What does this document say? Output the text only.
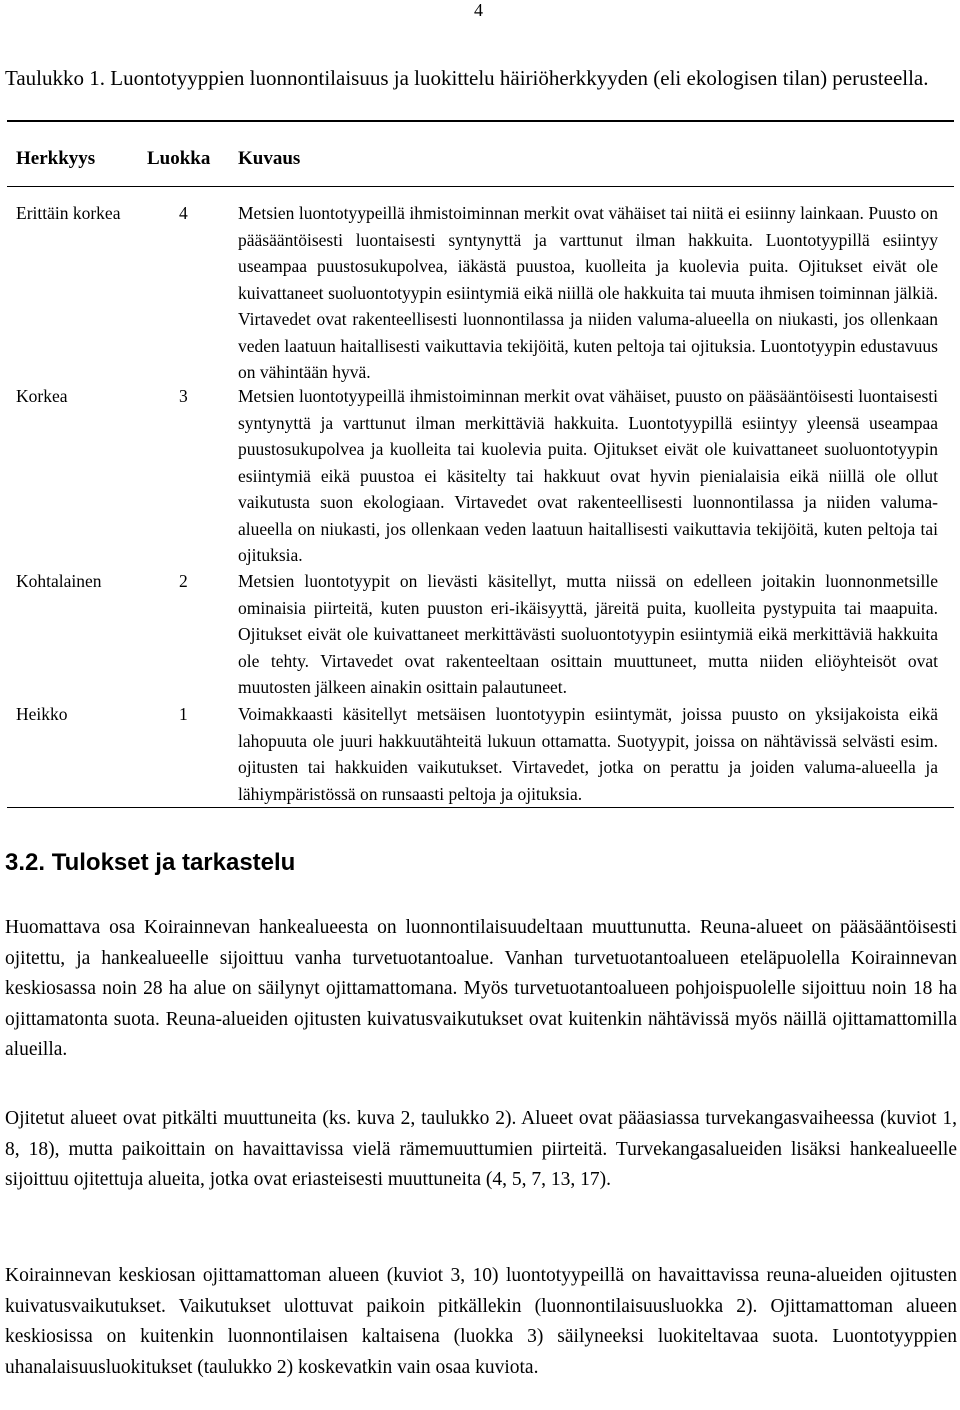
4
Taulukko 1. Luontotyyppien luonnontilaisuus ja luokittelu häiriöherkkyyden (eli ekologisen tilan) perusteella.
Herkkyys	Luokka Kuvaus
Erittäin korkea	4	Metsien luontotyypeillä ihmistoiminnan merkit ovat vähäiset tai niitä ei esiinny lainkaan. Puusto on pääsääntöisesti luontaisesti syntynyttä ja varttunut ilman hakkuita. Luontotyypillä esiintyy useampaa puustosukupolvea, iäkästä puustoa, kuolleita ja kuolevia puita. Ojitukset eivät ole kuivattaneet suoluontotyypin esiintymiä eikä niillä ole hakkuita tai muuta ihmisen toiminnan jälkiä. Virtavedet ovat rakenteellisesti luonnontilassa ja niiden valuma-alueella on niukasti, jos ollenkaan veden laatuun haitallisesti vaikuttavia tekijöitä, kuten peltoja tai ojituksia. Luontotyypin edustavuus on vähintään hyvä.
Korkea	3	Metsien luontotyypeillä ihmistoiminnan merkit ovat vähäiset, puusto on pääsääntöisesti luontaisesti syntynyttä ja varttunut ilman merkittäviä hakkuita. Luontotyypillä esiintyy yleensä useampaa puustosukupolvea ja kuolleita tai kuolevia puita. Ojitukset eivät ole kuivattaneet suoluontotyypin esiintymiä eikä puustoa ei käsitelty tai hakkuut ovat hyvin pienialaisia eikä niillä ole ollut vaikutusta suon ekologiaan. Virtavedet ovat rakenteellisesti luonnontilassa ja niiden valuma-alueella on niukasti, jos ollenkaan veden laatuun haitallisesti vaikuttavia tekijöitä, kuten peltoja tai ojituksia.
Kohtalainen	2	Metsien luontotyypit on lievästi käsitellyt, mutta niissä on edelleen joitakin luonnonmetsille ominaisia piirteitä, kuten puuston eri-ikäisyyttä, järeitä puita, kuolleita pystypuita tai maapuita. Ojitukset eivät ole kuivattaneet merkittävästi suoluontotyypin esiintymiä eikä merkittäviä hakkuita ole tehty. Virtavedet ovat rakenteeltaan osittain muuttuneet, mutta niiden eliöyhteisöt ovat muutosten jälkeen ainakin osittain palautuneet.
Heikko	1	Voimakkaasti käsitellyt metsäisen luontotyypin esiintymät, joissa puusto on yksijakoista eikä lahopuuta ole juuri hakkuutähteitä lukuun ottamatta. Suotyypit, joissa on nähtävissä selvästi esim. ojitusten tai hakkuiden vaikutukset. Virtavedet, jotka on perattu ja joiden valuma-alueella ja lähiympäristössä on runsaasti peltoja ja ojituksia.
3.2. Tulokset ja tarkastelu
Huomattava osa Koirainnevan hankealueesta on luonnontilaisuudeltaan muuttunutta. Reuna-alueet on pääsääntöisesti ojitettu, ja hankealueelle sijoittuu vanha turvetuotantoalue. Vanhan turvetuotantoalueen eteläpuolella Koirainnevan keskiosassa noin 28 ha alue on säilynyt ojittamattomana. Myös turvetuotantoalueen pohjoispuolelle sijoittuu noin 18 ha ojittamatonta suota. Reuna-alueiden ojitusten kuivatusvaikutukset ovat kuitenkin nähtävissä myös näillä ojittamattomilla alueilla.
Ojitetut alueet ovat pitkälti muuttuneita (ks. kuva 2, taulukko 2). Alueet ovat pääasiassa turvekangasvaiheessa (kuviot 1, 8, 18), mutta paikoittain on havaittavissa vielä rämemuuttumien piirteitä. Turvekangasalueiden lisäksi hankealueelle sijoittuu ojitettuja alueita, jotka ovat eriasteisesti muuttuneita (4, 5, 7, 13, 17).
Koirainnevan keskiosan ojittamattoman alueen (kuviot 3, 10) luontotyypeillä on havaittavissa reuna-alueiden ojitusten kuivatusvaikutukset. Vaikutukset ulottuvat paikoin pitkällekin (luonnontilaisuusluokka 2). Ojittamattoman alueen keskiosissa on kuitenkin luonnontilaisen kaltaisena (luokka 3) säilyneeksi luokiteltavaa suota. Luontotyyppien uhanalaisuusluokitukset (taulukko 2) koskevatkin vain osaa kuviota.
